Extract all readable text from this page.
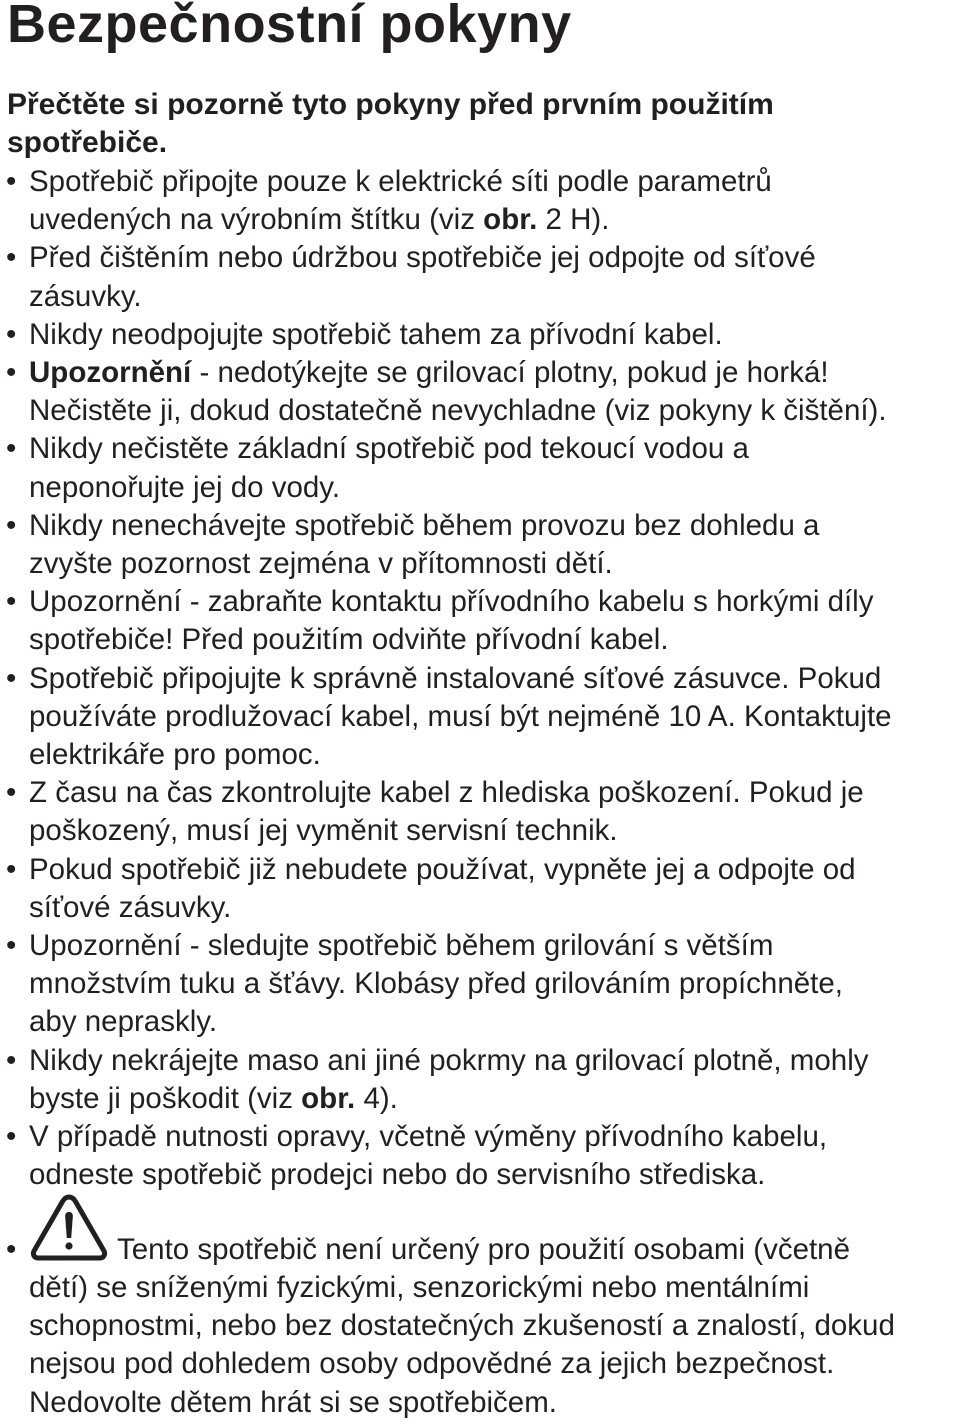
Bezpečnostní pokyny

Přečtěte si pozorně tyto pokyny před prvním použitím
spotřebiče.

• Spotřebič připojte pouze k elektrické síti podle parametrů
uvedených na výrobním štítku (viz obr. 2 H).
• Před čištěním nebo údržbou spotřebiče jej odpojte od síťové
zásuvky.
• Nikdy neodpojujte spotřebič tahem za přívodní kabel.
• Upozornění - nedotýkejte se grilovací plotny, pokud je horká!
Nečistěte ji, dokud dostatečně nevychladne (viz pokyny k čištění).
• Nikdy nečistěte základní spotřebič pod tekoucí vodou a
neponořujte jej do vody.
• Nikdy nenechávejte spotřebič během provozu bez dohledu a
zvyšte pozornost zejména v přítomnosti dětí.
• Upozornění - zabraňte kontaktu přívodního kabelu s horkými díly
spotřebiče! Před použitím odviňte přívodní kabel.
• Spotřebič připojujte k správně instalované síťové zásuvce. Pokud
používáte prodlužovací kabel, musí být nejméně 10 A. Kontaktujte
elektrikáře pro pomoc.
• Z času na čas zkontrolujte kabel z hlediska poškození. Pokud je
poškozený, musí jej vyměnit servisní technik.
• Pokud spotřebič již nebudete používat, vypněte jej a odpojte od
síťové zásuvky.
• Upozornění - sledujte spotřebič během grilování s větším
množstvím tuku a šťávy. Klobásy před grilováním propíchněte,
aby nepraskly.
• Nikdy nekrájejte maso ani jiné pokrmy na grilovací plotně, mohly
byste ji poškodit (viz obr. 4).
• V případě nutnosti opravy, včetně výměny přívodního kabelu,
odneste spotřebič prodejci nebo do servisního střediska.
•	Tento spotřebič není určený pro použití osobami (včetně
dětí) se sníženými fyzickými, senzorickými nebo mentálními
schopnostmi, nebo bez dostatečných zkušeností a znalostí, dokud
nejsou pod dohledem osoby odpovědné za jejich bezpečnost.
Nedovolte dětem hrát si se spotřebičem.
